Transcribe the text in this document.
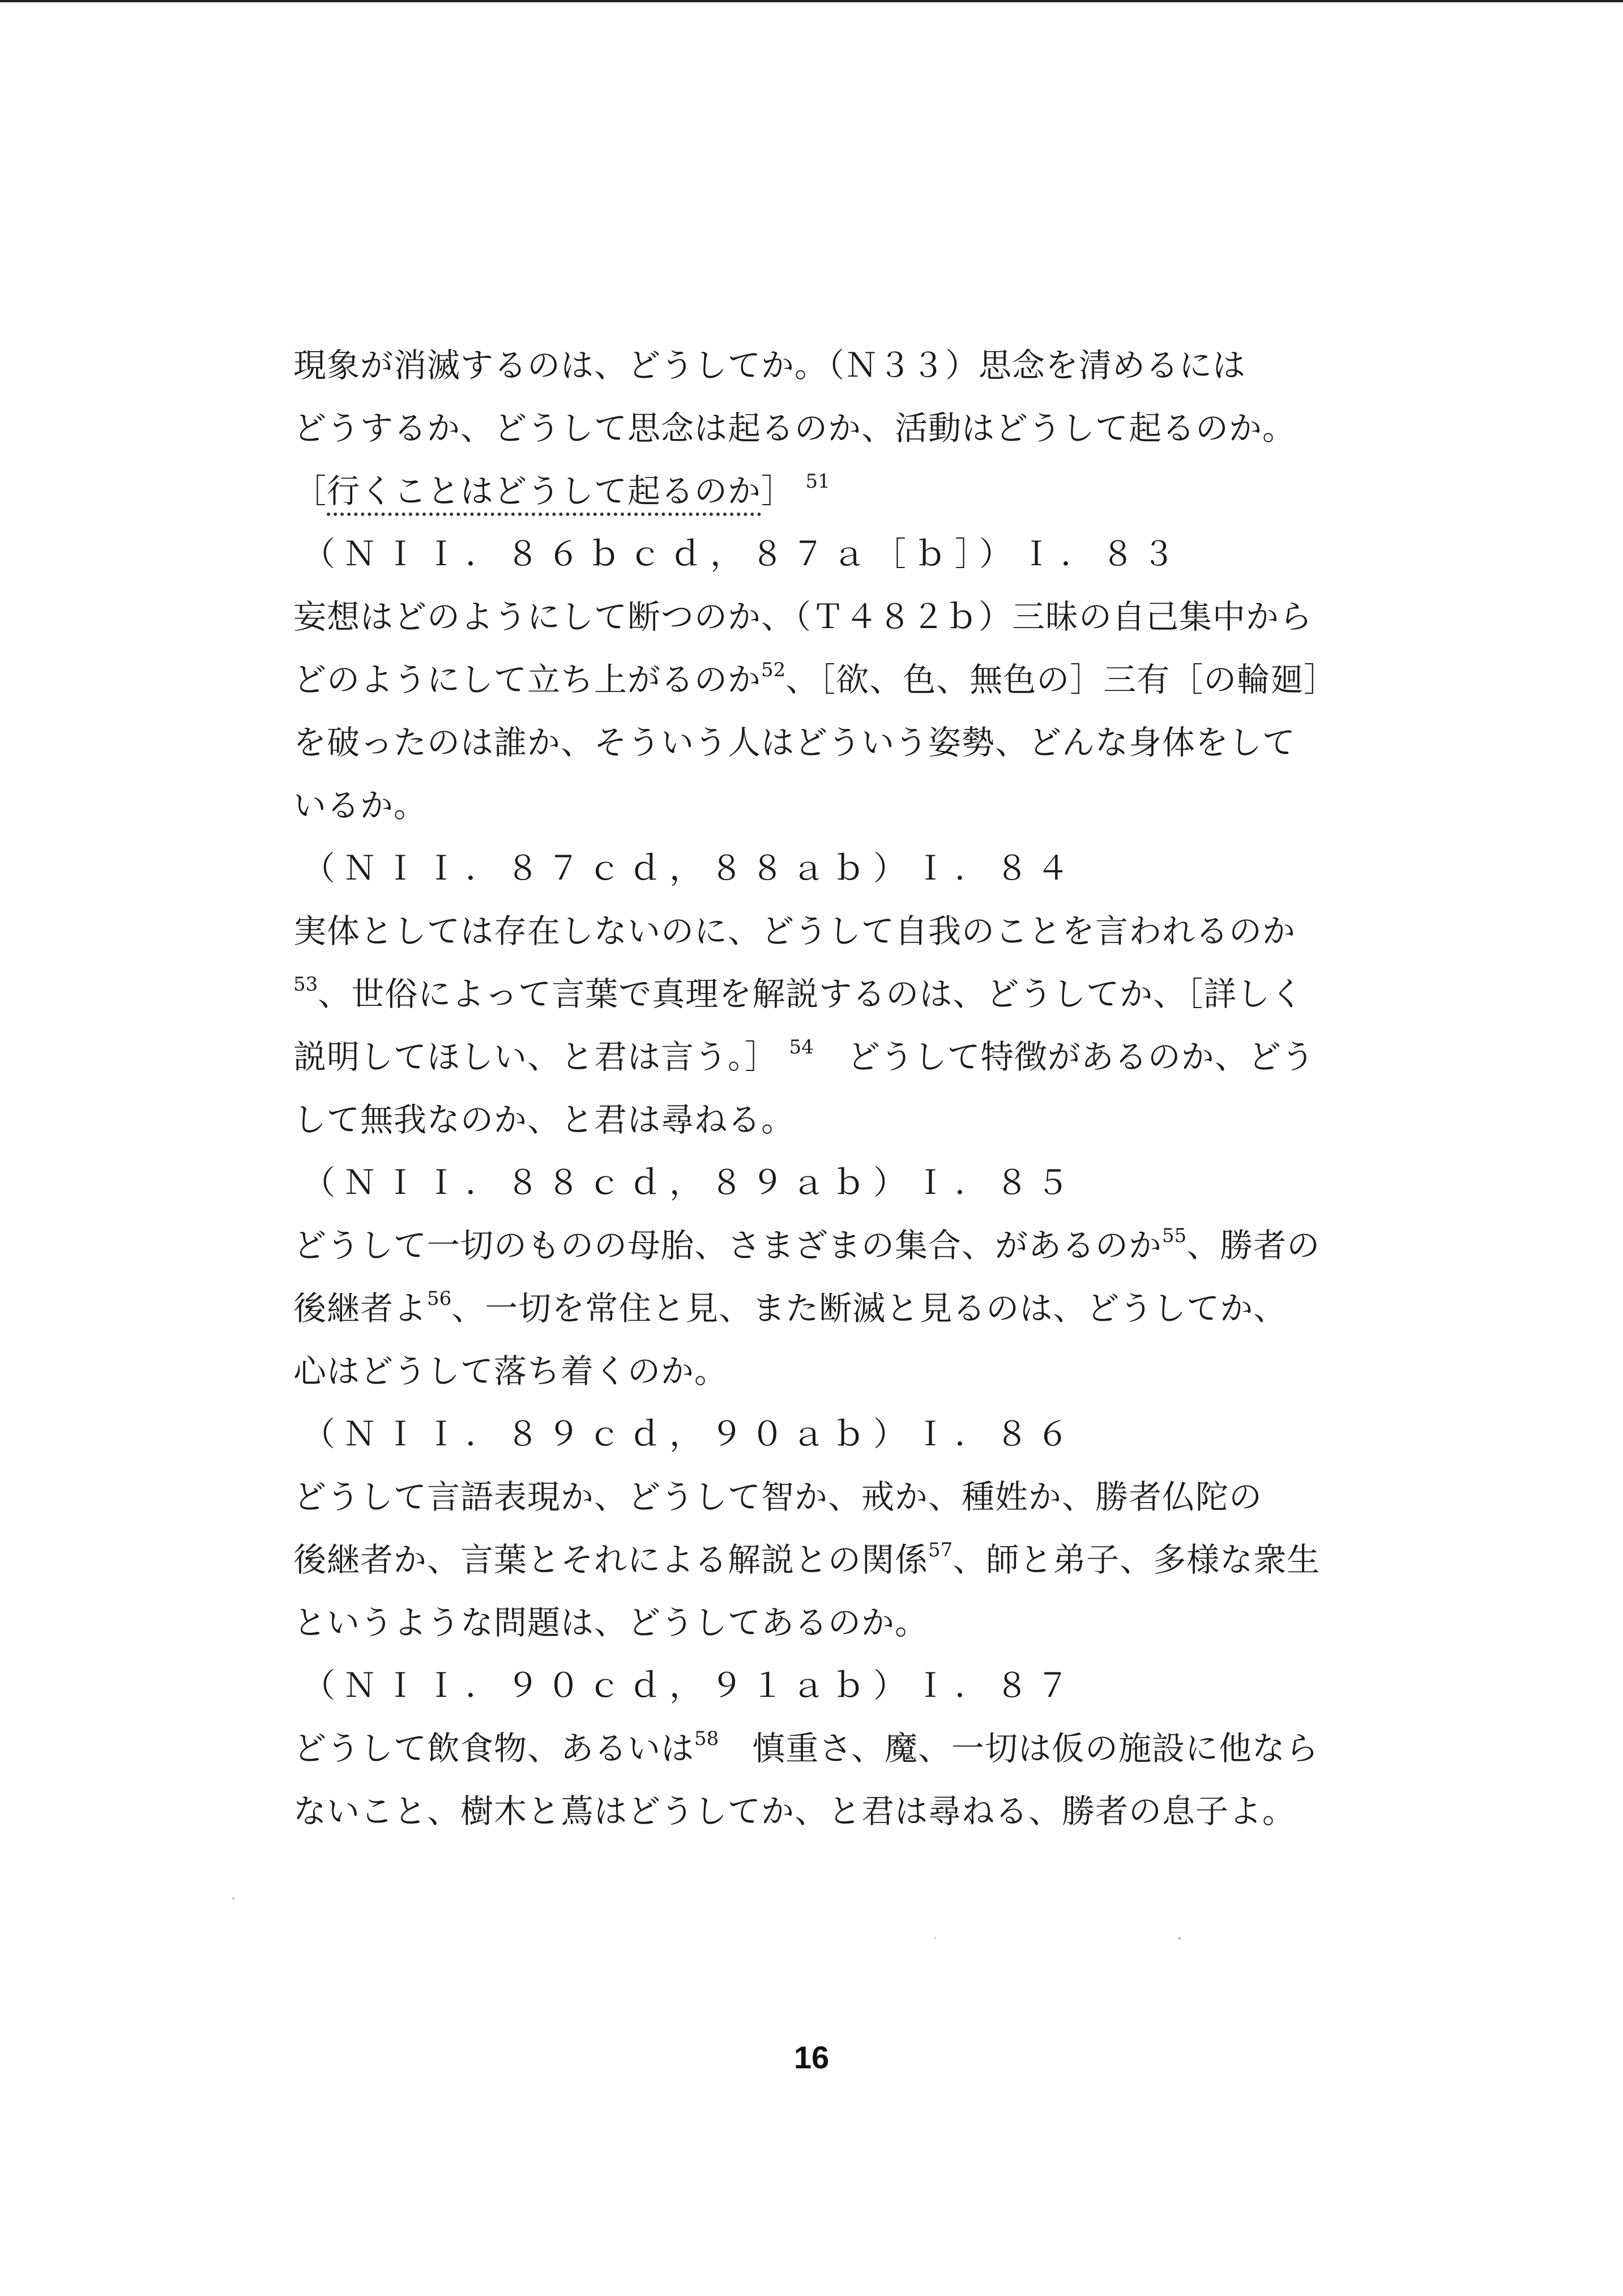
現象が消滅するのは、どうしてか。（Ｎ３３）思念を清めるには
どうするか、どうして思念は起るのか、活動はどうして起るのか。
［行くことはどうして起るのか］ $^{51}$
（ＮＩＩ．８６ｂｃｄ，８７ａ［ｂ］）Ｉ．８３
妄想はどのようにして断つのか、（Ｔ４８２ｂ）三昧の自己集中から
どのようにして立ち上がるのか$^{52}$、［欲、色、無色の］三有［の輪廻］
を破ったのは誰か、そういう人はどういう姿勢、どんな身体をして
いるか。
（ＮＩＩ．８７ｃｄ，８８ａｂ）Ｉ．８４
実体としては存在しないのに、どうして自我のことを言われるのか
$^{53}$、世俗によって言葉で真理を解説するのは、どうしてか、［詳しく
説明してほしい、と君は言う。］ $^{54}$　どうして特徴があるのか、どう
して無我なのか、と君は尋ねる。
（ＮＩＩ．８８ｃｄ，８９ａｂ）Ｉ．８５
どうして一切のものの母胎、さまざまの集合、があるのか$^{55}$、勝者の
後継者よ$^{56}$、一切を常住と見、また断滅と見るのは、どうしてか、
心はどうして落ち着くのか。
（ＮＩＩ．８９ｃｄ，９０ａｂ）Ｉ．８６
どうして言語表現か、どうして智か、戒か、種姓か、勝者仏陀の
後継者か、言葉とそれによる解説との関係$^{57}$、師と弟子、多様な衆生
というような問題は、どうしてあるのか。
（ＮＩＩ．９０ｃｄ，９１ａｂ）Ｉ．８７
どうして飲食物、あるいは$^{58}$　慎重さ、魔、一切は仮の施設に他なら
ないこと、樹木と蔦はどうしてか、と君は尋ねる、勝者の息子よ。
16
